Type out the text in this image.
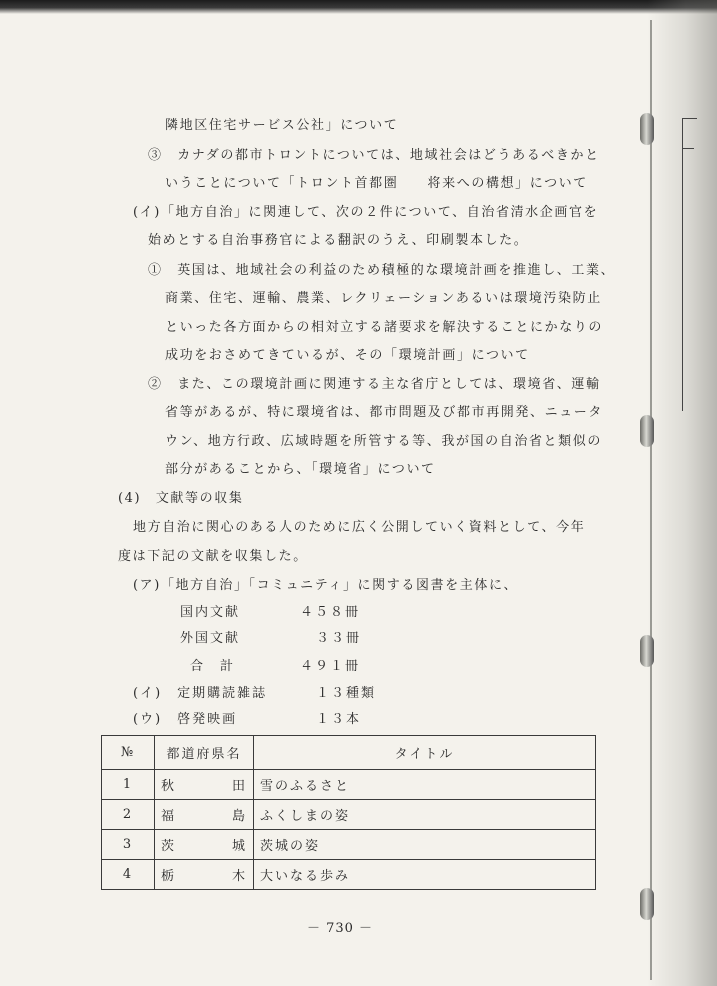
隣地区住宅サービス公社」について
③　カナダの都市トロントについては、地域社会はどうあるべきかと
いうことについて「トロント首都圏　　将来への構想」について
(イ)「地方自治」に関連して、次の２件について、自治省清水企画官を
始めとする自治事務官による翻訳のうえ、印刷製本した。
①　英国は、地域社会の利益のため積極的な環境計画を推進し、工業、
商業、住宅、運輸、農業、レクリェーションあるいは環境汚染防止
といった各方面からの相対立する諸要求を解決することにかなりの
成功をおさめてきているが、その「環境計画」について
②　また、この環境計画に関連する主な省庁としては、環境省、運輸
省等があるが、特に環境省は、都市問題及び都市再開発、ニュータ
ウン、地方行政、広域時題を所管する等、我が国の自治省と類似の
部分があることから、「環境省」について
(4)　文献等の収集
地方自治に関心のある人のために広く公開していく資料として、今年
度は下記の文献を収集した。
(ア)「地方自治」「コミュニティ」に関する図書を主体に、
国内文献	４５８冊
外国文献	３３冊
合　計	４９１冊
(イ)　定期購読雑誌	１３種類
(ウ)　啓発映画	１３本
№	都道府県名	タイトル
1	秋 田	雪のふるさと
2	福 島	ふくしまの姿
3	茨 城	茨城の姿
4	栃 木	大いなる歩み
－ 730 －
